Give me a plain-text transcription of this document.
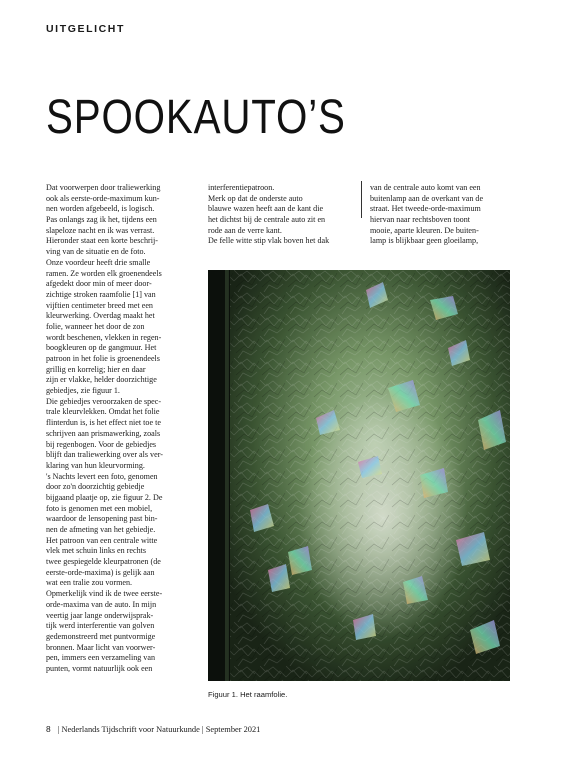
UITGELICHT
SPOOKAUTO’S
Dat voorwerpen door traliewerking
ook als eerste-orde-maximum kun-
nen worden afgebeeld, is logisch.
Pas onlangs zag ik het, tijdens een
slapeloze nacht en ik was verrast.
Hieronder staat een korte beschrij-
ving van de situatie en de foto.
Onze voordeur heeft drie smalle
ramen. Ze worden elk groenendeels
afgedekt door min of meer door-
zichtige stroken raamfolie [1] van
vijftien centimeter breed met een
kleurwerking. Overdag maakt het
folie, wanneer het door de zon
wordt beschenen, vlekken in regen-
boogkleuren op de gangmuur. Het
patroon in het folie is groenendeels
grillig en korrelig; hier en daar
zijn er vlakke, helder doorzichtige
gebiedjes, zie figuur 1.
Die gebiedjes veroorzaken de spec-
trale kleurvlekken. Omdat het folie
flinterdun is, is het effect niet toe te
schrijven aan prismawerking, zoals
bij regenbogen. Voor de gebiedjes
blijft dan traliewerking over als ver-
klaring van hun kleurvorming.
's Nachts levert een foto, genomen
door zo'n doorzichtig gebiedje
bijgaand plaatje op, zie figuur 2. De
foto is genomen met een mobiel,
waardoor de lensopening past bin-
nen de afmeting van het gebiedje.
Het patroon van een centrale witte
vlek met schuin links en rechts
twee gespiegelde kleurpatronen (de
eerste-orde-maxima) is gelijk aan
wat een tralie zou vormen.
Opmerkelijk vind ik de twee eerste-
orde-maxima van de auto. In mijn
veertig jaar lange onderwijsprak-
tijk werd interferentie van golven
gedemonstreerd met puntvormige
bronnen. Maar licht van voorwer-
pen, immers een verzameling van
punten, vormt natuurlijk ook een
interferentiepatroon.
Merk op dat de onderste auto
blauwe wazen heeft aan de kant die
het dichtst bij de centrale auto zit en
rode aan de verre kant.
De felle witte stip vlak boven het dak
van de centrale auto komt van een
buitenlamp aan de overkant van de
straat. Het tweede-orde-maximum
hiervan naar rechtsboven toont
mooie, aparte kleuren. De buiten-
lamp is blijkbaar geen gloeilamp,
Figuur 1. Het raamfolie.
8 | Nederlands Tijdschrift voor Natuurkunde | September 2021
